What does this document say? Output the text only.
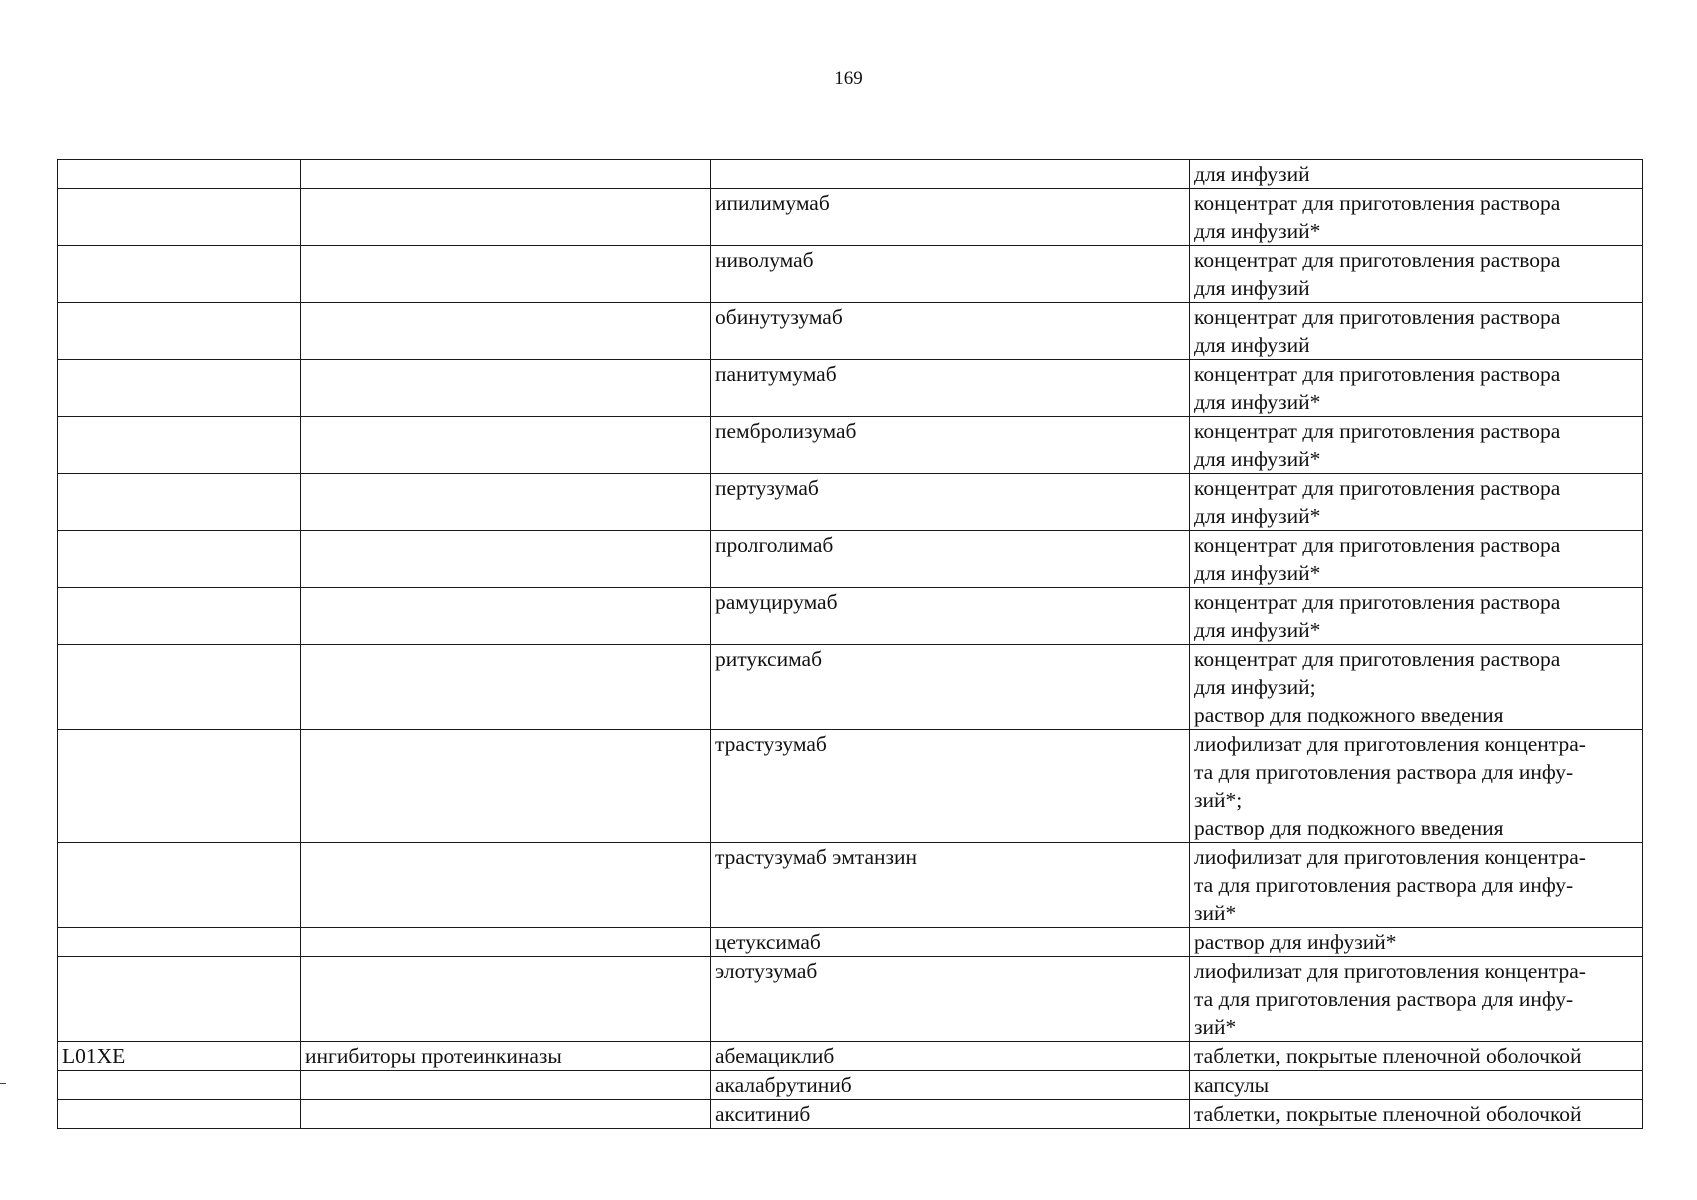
169
			для инфузий
		ипилимумаб	концентрат для приготовления раствора
для инфузий*
		ниволумаб	концентрат для приготовления раствора
для инфузий
		обинутузумаб	концентрат для приготовления раствора
для инфузий
		панитумумаб	концентрат для приготовления раствора
для инфузий*
		пембролизумаб	концентрат для приготовления раствора
для инфузий*
		пертузумаб	концентрат для приготовления раствора
для инфузий*
		пролголимаб	концентрат для приготовления раствора
для инфузий*
		рамуцирумаб	концентрат для приготовления раствора
для инфузий*
		ритуксимаб	концентрат для приготовления раствора
для инфузий;
раствор для подкожного введения
		трастузумаб	лиофилизат для приготовления концентра-
та для приготовления раствора для инфу-
зий*;
раствор для подкожного введения
		трастузумаб эмтанзин	лиофилизат для приготовления концентра-
та для приготовления раствора для инфу-
зий*
		цетуксимаб	раствор для инфузий*
		элотузумаб	лиофилизат для приготовления концентра-
та для приготовления раствора для инфу-
зий*
L01XE	ингибиторы протеинкиназы	абемациклиб	таблетки, покрытые пленочной оболочкой
		акалабрутиниб	капсулы
		акситиниб	таблетки, покрытые пленочной оболочкой
